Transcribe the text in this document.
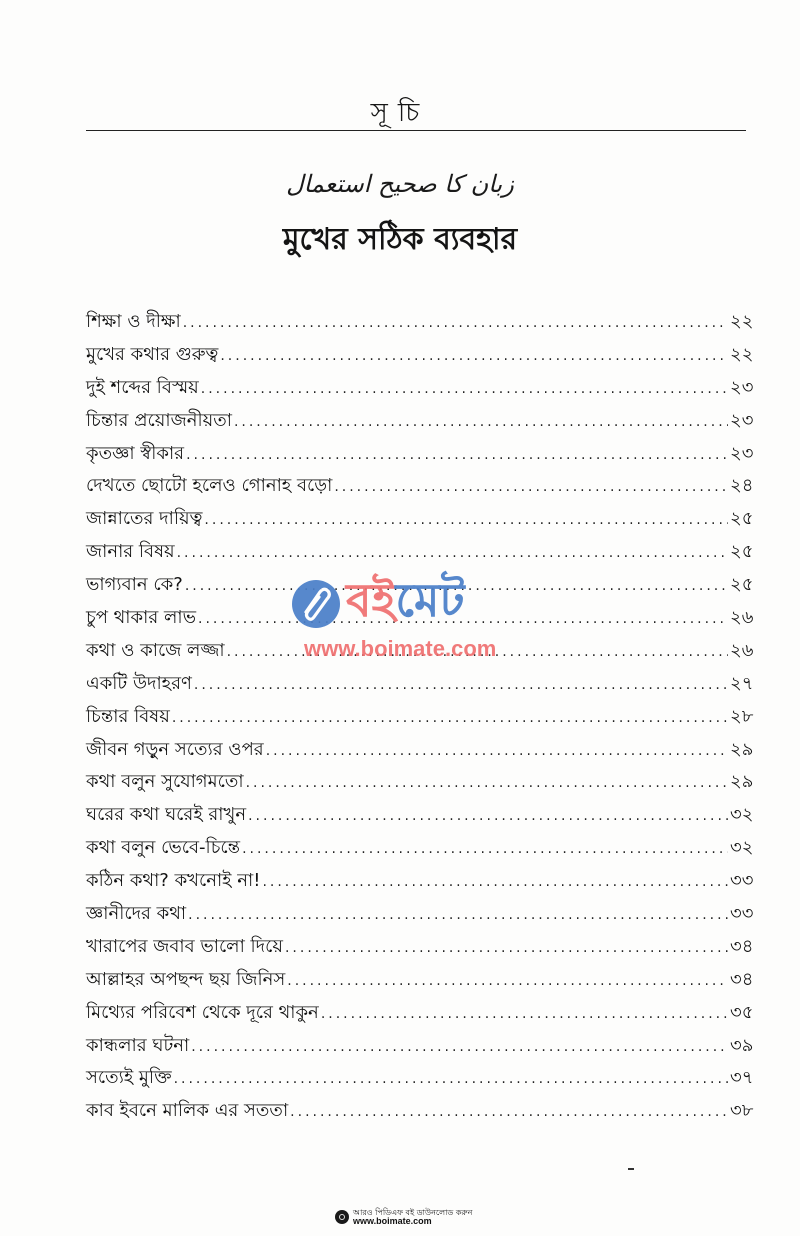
সূচি
زبان کا صحیح استعمال
মুখের সঠিক ব্যবহার
শিক্ষা ও দীক্ষা .....	২২
মুখের কথার গুরুত্ব .....	২২
দুই শব্দের বিস্ময় .....	২৩
চিন্তার প্রয়োজনীয়তা .....	২৩
কৃতজ্ঞা স্বীকার .....	২৩
দেখতে ছোটো হলেও গোনাহ বড়ো .....	২৪
জান্নাতের দায়িত্ব .....	২৫
জানার বিষয় .....	২৫
ভাগ্যবান কে? .....	২৫
চুপ থাকার লাভ .....	২৬
কথা ও কাজে লজ্জা .....	২৬
একটি উদাহরণ .....	২৭
চিন্তার বিষয় .....	২৮
জীবন গড়ুন সত্যের ওপর .....	২৯
কথা বলুন সুযোগমতো .....	২৯
ঘরের কথা ঘরেই রাখুন .....	৩২
কথা বলুন ভেবে-চিন্তে .....	৩২
কঠিন কথা? কখনোই না! .....	৩৩
জ্ঞানীদের কথা .....	৩৩
খারাপের জবাব ভালো দিয়ে .....	৩৪
আল্লাহর অপছন্দ ছয় জিনিস .....	৩৪
মিথ্যের পরিবেশ থেকে দূরে থাকুন .....	৩৫
কান্ধলার ঘটনা .....	৩৯
সত্যেই মুক্তি .....	৩৭
কাব ইবনে মালিক এর সততা .....	৩৮
বইমেট
www.boimate.com
আরও পিডিএফ বই ডাউনলোড করুন
www.boimate.com
